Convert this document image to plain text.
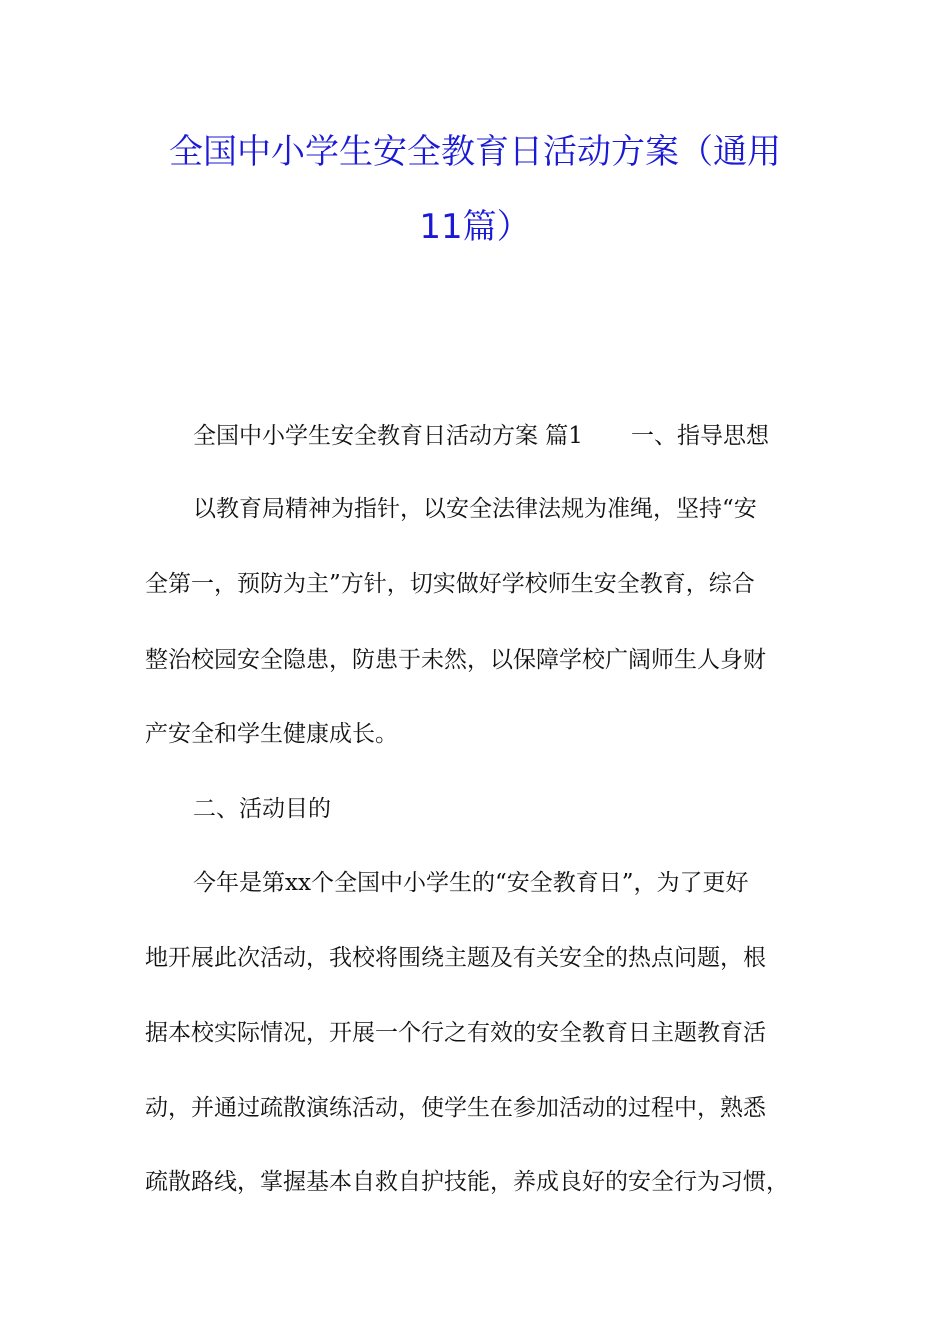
全国中小学生安全教育日活动方案（通用
11篇）
全国中小学生安全教育日活动方案 篇1 一、指导思想
以教育局精神为指针，以安全法律法规为准绳，坚持“安
全第一，预防为主”方针，切实做好学校师生安全教育，综合
整治校园安全隐患，防患于未然，以保障学校广阔师生人身财
产安全和学生健康成长。
二、活动目的
今年是第xx个全国中小学生的“安全教育日”，为了更好
地开展此次活动，我校将围绕主题及有关安全的热点问题，根
据本校实际情况，开展一个行之有效的安全教育日主题教育活
动，并通过疏散演练活动，使学生在参加活动的过程中，熟悉
疏散路线，掌握基本自救自护技能，养成良好的安全行为习惯，
